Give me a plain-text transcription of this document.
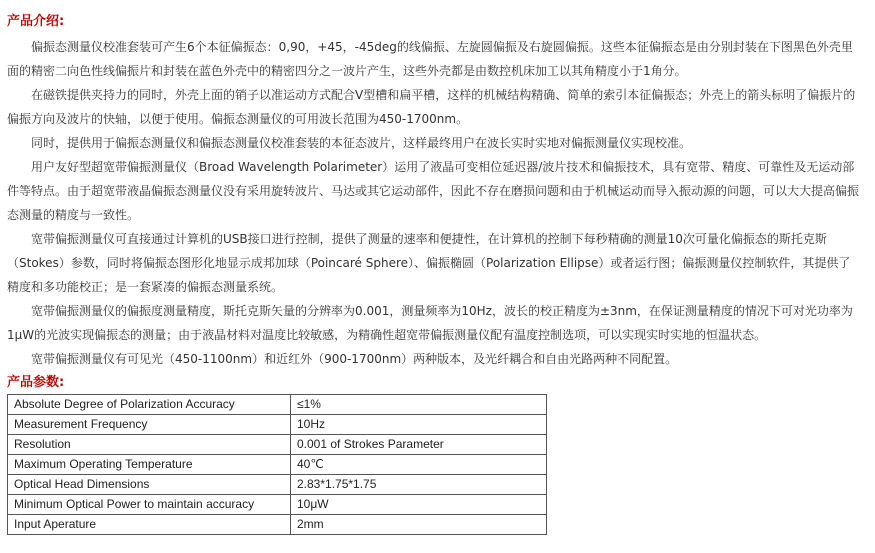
产品介绍:

偏振态测量仪校准套装可产生6个本征偏振态：0,90，+45，-45deg的线偏振、左旋圆偏振及右旋圆偏振。这些本征偏振态是由分别封装在下图黑色外壳里面的精密二向色性线偏振片和封装在蓝色外壳中的精密四分之一波片产生，这些外壳都是由数控机床加工以其角精度小于1角分。

在磁铁提供夹持力的同时，外壳上面的销子以准运动方式配合V型槽和扁平槽，这样的机械结构精确、简单的索引本征偏振态；外壳上的箭头标明了偏振片的偏振方向及波片的快轴，以便于使用。偏振态测量仪的可用波长范围为450-1700nm。

同时，提供用于偏振态测量仪和偏振态测量仪校准套装的本征态波片，这样最终用户在波长实时实地对偏振测量仪实现校准。

用户友好型超宽带偏振测量仪（Broad Wavelength Polarimeter）运用了液晶可变相位延迟器/波片技术和偏振技术，具有宽带、精度、可靠性及无运动部件等特点。由于超宽带液晶偏振态测量仪没有采用旋转波片、马达或其它运动部件，因此不存在磨损问题和由于机械运动而导入振动源的问题，可以大大提高偏振态测量的精度与一致性。

宽带偏振测量仪可直接通过计算机的USB接口进行控制，提供了测量的速率和便捷性，在计算机的控制下每秒精确的测量10次可量化偏振态的斯托克斯（Stokes）参数，同时将偏振态图形化地显示成邦加球（Poincaré Sphere）、偏振椭圆（Polarization Ellipse）或者运行图；偏振测量仪控制软件，其提供了精度和多功能校正；是一套紧凑的偏振态测量系统。

宽带偏振测量仪的偏振度测量精度，斯托克斯矢量的分辨率为0.001，测量频率为10Hz，波长的校正精度为±3nm，在保证测量精度的情况下可对光功率为1μW的光波实现偏振态的测量；由于液晶材料对温度比较敏感，为精确性超宽带偏振测量仪配有温度控制选项，可以实现实时实地的恒温状态。

宽带偏振测量仪有可见光（450-1100nm）和近红外（900-1700nm）两种版本，及光纤耦合和自由光路两种不同配置。

产品参数:
Absolute Degree of Polarization Accuracy	≤1%
Measurement Frequency	10Hz
Resolution	0.001 of Strokes Parameter
Maximum Operating Temperature	40℃
Optical Head Dimensions	2.83*1.75*1.75
Minimum Optical Power to maintain accuracy	10μW
Input Aperature	2mm
